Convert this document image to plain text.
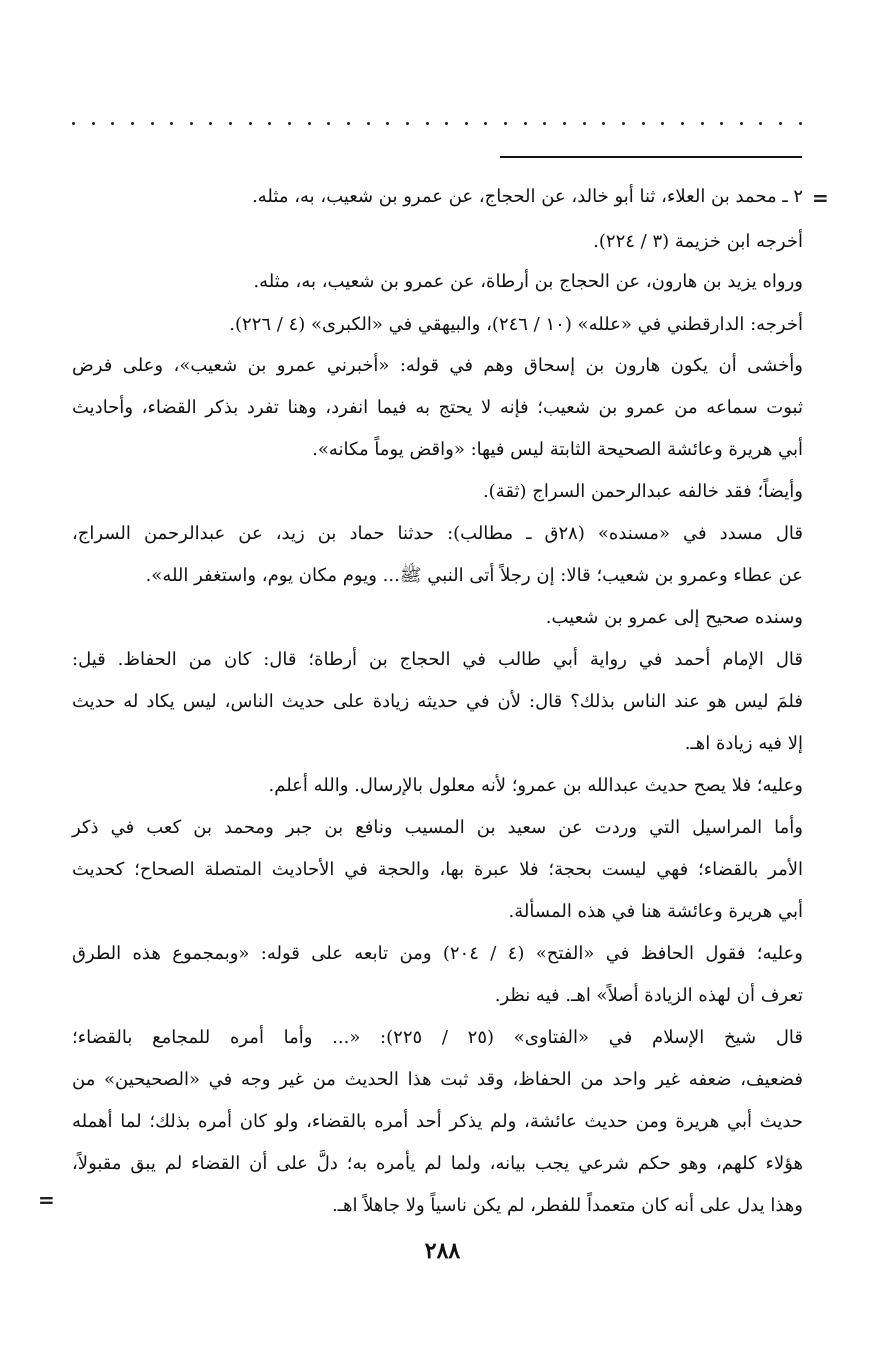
=
=
٢ ـ محمد بن العلاء، ثنا أبو خالد، عن الحجاج، عن عمرو بن شعيب، به، مثله.
أخرجه ابن خزيمة (٣ / ٢٢٤).
ورواه يزيد بن هارون، عن الحجاج بن أرطاة، عن عمرو بن شعيب، به، مثله.
أخرجه: الدارقطني في «علله» (١٠ / ٢٤٦)، والبيهقي في «الكبرى» (٤ / ٢٢٦).
وأخشى أن يكون هارون بن إسحاق وهم في قوله: «أخبرني عمرو بن شعيب»، وعلى فرض
ثبوت سماعه من عمرو بن شعيب؛ فإنه لا يحتج به فيما انفرد، وهنا تفرد بذكر القضاء، وأحاديث
أبي هريرة وعائشة الصحيحة الثابتة ليس فيها: «واقض يوماً مكانه».
وأيضاً؛ فقد خالفه عبدالرحمن السراج (ثقة).
قال مسدد في «مسنده» (٢٨ق ـ مطالب): حدثنا حماد بن زيد، عن عبدالرحمن السراج،
عن عطاء وعمرو بن شعيب؛ قالا: إن رجلاً أتى النبي ﷺ... ويوم مكان يوم، واستغفر الله».
وسنده صحيح إلى عمرو بن شعيب.
قال الإمام أحمد في رواية أبي طالب في الحجاج بن أرطاة؛ قال: كان من الحفاظ. قيل:
فلمَ ليس هو عند الناس بذلك؟ قال: لأن في حديثه زيادة على حديث الناس، ليس يكاد له حديث
إلا فيه زيادة اهـ.
وعليه؛ فلا يصح حديث عبدالله بن عمرو؛ لأنه معلول بالإرسال. والله أعلم.
وأما المراسيل التي وردت عن سعيد بن المسيب ونافع بن جبر ومحمد بن كعب في ذكر
الأمر بالقضاء؛ فهي ليست بحجة؛ فلا عبرة بها، والحجة في الأحاديث المتصلة الصحاح؛ كحديث
أبي هريرة وعائشة هنا في هذه المسألة.
وعليه؛ فقول الحافظ في «الفتح» (٤ / ٢٠٤) ومن تابعه على قوله: «وبمجموع هذه الطرق
تعرف أن لهذه الزيادة أصلاً» اهـ. فيه نظر.
قال شيخ الإسلام في «الفتاوى» (٢٥ / ٢٢٥): «... وأما أمره للمجامع بالقضاء؛
فضعيف، ضعفه غير واحد من الحفاظ، وقد ثبت هذا الحديث من غير وجه في «الصحيحين» من
حديث أبي هريرة ومن حديث عائشة، ولم يذكر أحد أمره بالقضاء، ولو كان أمره بذلك؛ لما أهمله
هؤلاء كلهم، وهو حكم شرعي يجب بيانه، ولما لم يأمره به؛ دلَّ على أن القضاء لم يبق مقبولاً،
وهذا يدل على أنه كان متعمداً للفطر، لم يكن ناسياً ولا جاهلاً اهـ.
٢٨٨
